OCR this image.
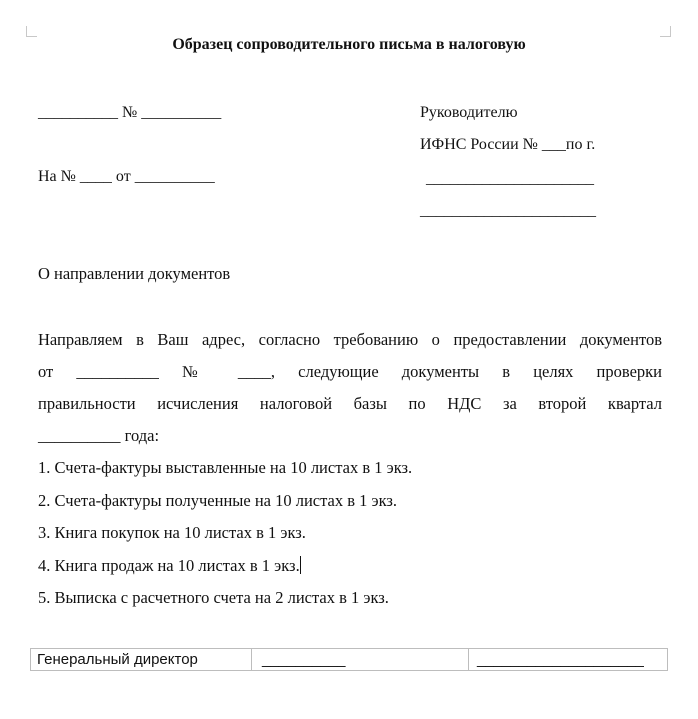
Образец сопроводительного письма в налоговую
__________ № __________
На № ____ от __________
Руководителю
ИФНС России № ___по г.
_____________________
______________________
О направлении документов
Направляем в Ваш адрес, согласно требованию о предоставлении документов
от __________ № ____, следующие документы в целях проверки
правильности исчисления налоговой базы по НДС за второй квартал
__________ года:
1. Счета-фактуры выставленные на 10 листах в 1 экз.
2. Счета-фактуры полученные на 10 листах в 1 экз.
3. Книга покупок на 10 листах в 1 экз.
4. Книга продаж на 10 листах в 1 экз.
5. Выписка с расчетного счета на 2 листах в 1 экз.
Генеральный директор	__________	____________________
